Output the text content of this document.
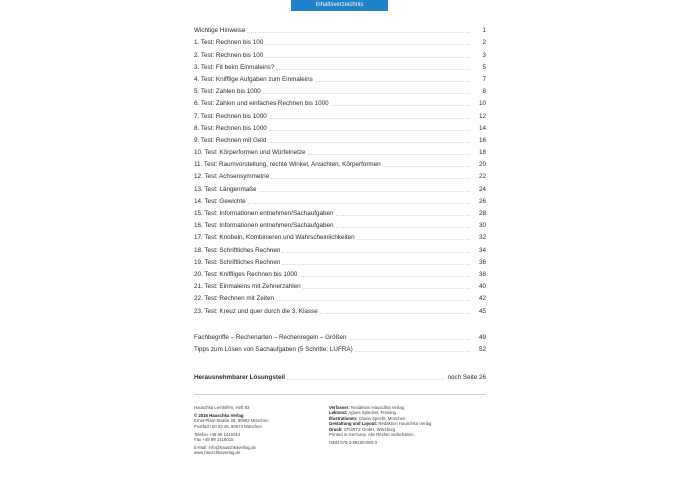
Inhaltsverzeichnis
Wichtige Hinweise	1
1. Test: Rechnen bis 100	2
2. Test: Rechnen bis 100	3
3. Test: Fit beim Einmaleins?	5
4. Test: Knifflige Aufgaben zum Einmaleins	7
5. Test: Zahlen bis 1000	8
6. Test: Zahlen und einfaches Rechnen bis 1000	10
7. Test: Rechnen bis 1000	12
8. Test: Rechnen bis 1000	14
9. Test: Rechnen mit Geld	16
10. Test: Körperformen und Würfelnetze	18
11. Test: Raumvorstellung, rechte Winkel, Ansichten, Körperformen	20
12. Test: Achsensymmetrie	22
13. Test: Längenmaße	24
14. Test: Gewichte	26
15. Test: Informationen entnehmen/Sachaufgaben	28
16. Test: Informationen entnehmen/Sachaufgaben	30
17. Test: Knobeln, Kombinieren und Wahrscheinlichkeiten	32
18. Test: Schriftliches Rechnen	34
19. Test: Schriftliches Rechnen	36
20. Test: Kniffliges Rechnen bis 1000	38
21. Test: Einmaleins mit Zehnerzahlen	40
22. Test: Rechnen mit Zeiten	42
23. Test: Kreuz und quer durch die 3. Klasse	45
Fachbegriffe – Rechenarten – Rechenregeln – Größen	49
Tipps zum Lösen von Sachaufgaben (5 Schritte: LUFRA)	52
Herausnehmbarer Lösungsteil	noch Seite 26
Hauschka Lernhilfen, Heft 83
© 2016 Hauschka Verlag
Ernst-Platz-Straße 28, 80992 München
Postfach 50 03 45, 80973 München
Telefon +49 89 1416013
Fax +49 89 1416015
E-Mail: info@hauschkaverlag.de
www.hauschkaverlag.de
Verfasser: Redaktion Hauschka Verlag
Lektorat: Agnes Spiecker, Freising
Illustrationen: Gisela Specht, München
Gestaltung und Layout: Redaktion Hauschka Verlag
Druck: STÜRTZ GmbH, Würzburg
Printed in Germany. Alle Rechte vorbehalten.
ISBN 978-3-88100-083-3
